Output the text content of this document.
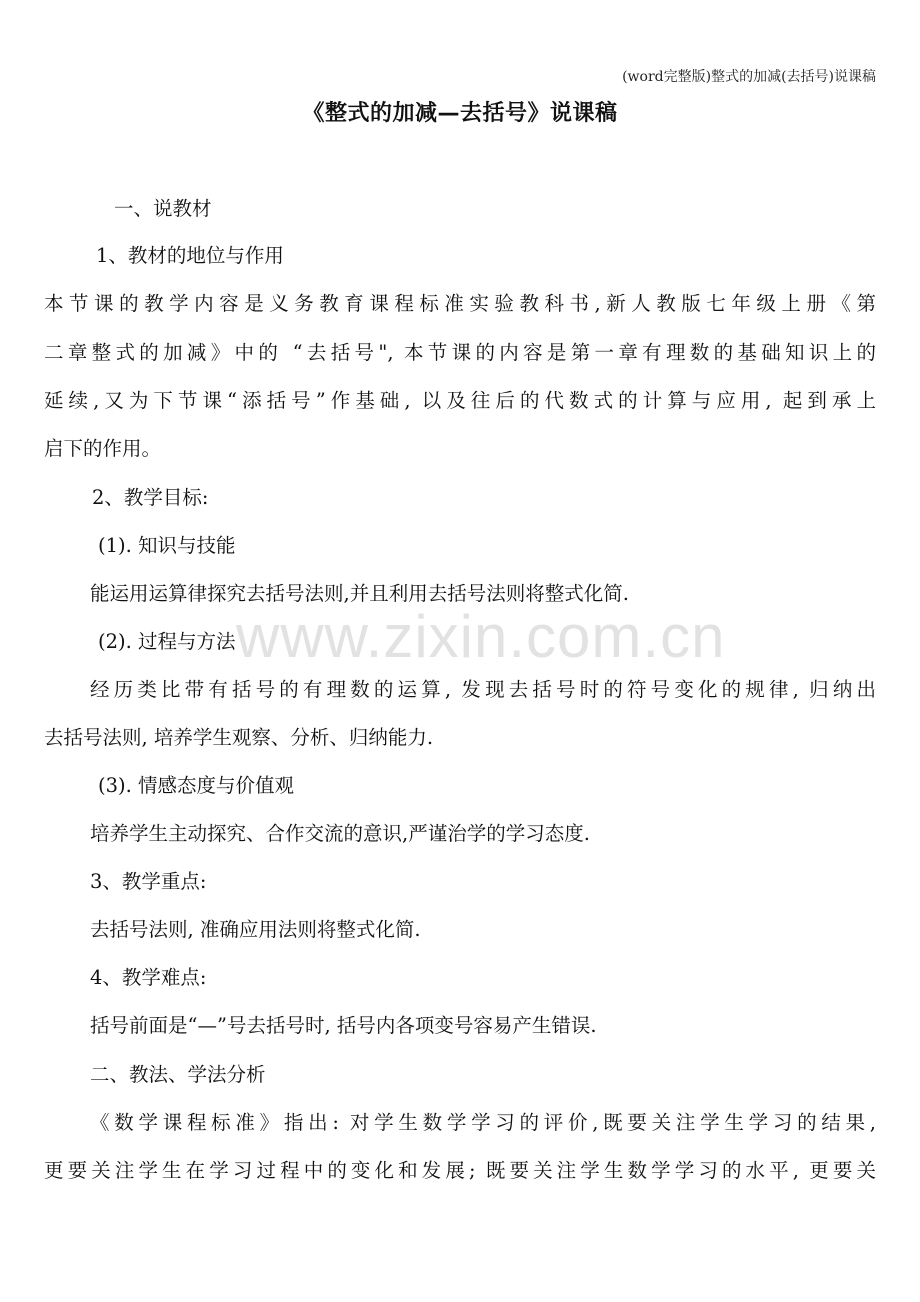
(word完整版)整式的加减(去括号)说课稿
《整式的加减—去括号》说课稿
www.zixin.com.cn
一、说教材
1、教材的地位与作用
本节课的教学内容是义务教育课程标准实验教科书,新人教版七年级上册《第
二章整式的加减》中的 “去括号", 本节课的内容是第一章有理数的基础知识上的
延续,又为下节课“添括号”作基础, 以及往后的代数式的计算与应用, 起到承上
启下的作用。
2、教学目标:
(1). 知识与技能
能运用运算律探究去括号法则,并且利用去括号法则将整式化简.
(2). 过程与方法
经历类比带有括号的有理数的运算, 发现去括号时的符号变化的规律, 归纳出
去括号法则, 培养学生观察、分析、归纳能力.
(3). 情感态度与价值观
培养学生主动探究、合作交流的意识,严谨治学的学习态度.
3、教学重点:
去括号法则, 准确应用法则将整式化简.
4、教学难点:
括号前面是“—”号去括号时, 括号内各项变号容易产生错误.
二、教法、学法分析
《数学课程标准》指出: 对学生数学学习的评价,既要关注学生学习的结果,
更要关注学生在学习过程中的变化和发展; 既要关注学生数学学习的水平, 更要关
